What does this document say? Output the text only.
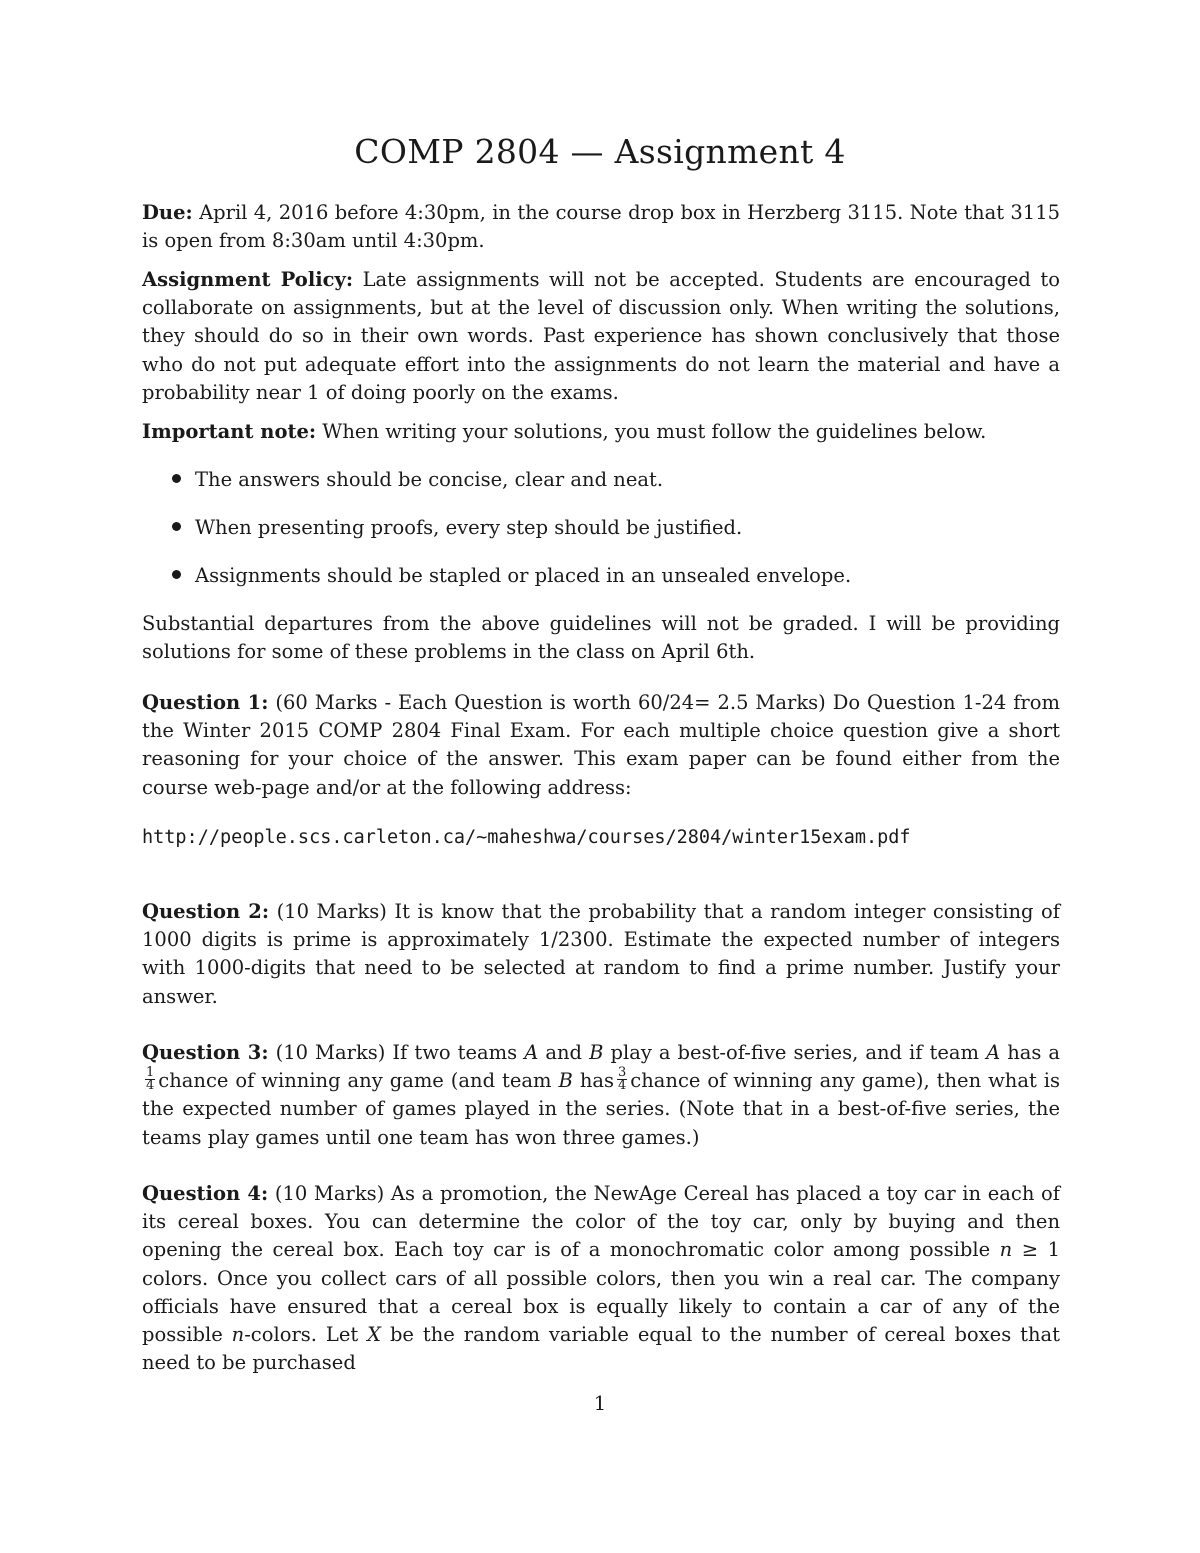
COMP 2804 — Assignment 4
Due: April 4, 2016 before 4:30pm, in the course drop box in Herzberg 3115. Note that 3115 is open from 8:30am until 4:30pm.
Assignment Policy: Late assignments will not be accepted. Students are encouraged to collaborate on assignments, but at the level of discussion only. When writing the solutions, they should do so in their own words. Past experience has shown conclusively that those who do not put adequate effort into the assignments do not learn the material and have a probability near 1 of doing poorly on the exams.
Important note: When writing your solutions, you must follow the guidelines below.
The answers should be concise, clear and neat.
When presenting proofs, every step should be justified.
Assignments should be stapled or placed in an unsealed envelope.
Substantial departures from the above guidelines will not be graded. I will be providing solutions for some of these problems in the class on April 6th.
Question 1: (60 Marks - Each Question is worth 60/24= 2.5 Marks) Do Question 1-24 from the Winter 2015 COMP 2804 Final Exam. For each multiple choice question give a short reasoning for your choice of the answer. This exam paper can be found either from the course web-page and/or at the following address:
http://people.scs.carleton.ca/~maheshwa/courses/2804/winter15exam.pdf
Question 2: (10 Marks) It is know that the probability that a random integer consisting of 1000 digits is prime is approximately 1/2300. Estimate the expected number of integers with 1000-digits that need to be selected at random to find a prime number. Justify your answer.
Question 3: (10 Marks) If two teams A and B play a best-of-five series, and if team A has a
$\frac{1}{4}$ chance of winning any game (and team B has $\frac{3}{4}$ chance of winning any game), then what is the expected number of games played in the series. (Note that in a best-of-five series, the teams play games until one team has won three games.)
Question 4: (10 Marks) As a promotion, the NewAge Cereal has placed a toy car in each of its cereal boxes. You can determine the color of the toy car, only by buying and then opening the cereal box. Each toy car is of a monochromatic color among possible n ≥ 1 colors. Once you collect cars of all possible colors, then you win a real car. The company officials have ensured that a cereal box is equally likely to contain a car of any of the possible n-colors. Let X be the random variable equal to the number of cereal boxes that need to be purchased
1
